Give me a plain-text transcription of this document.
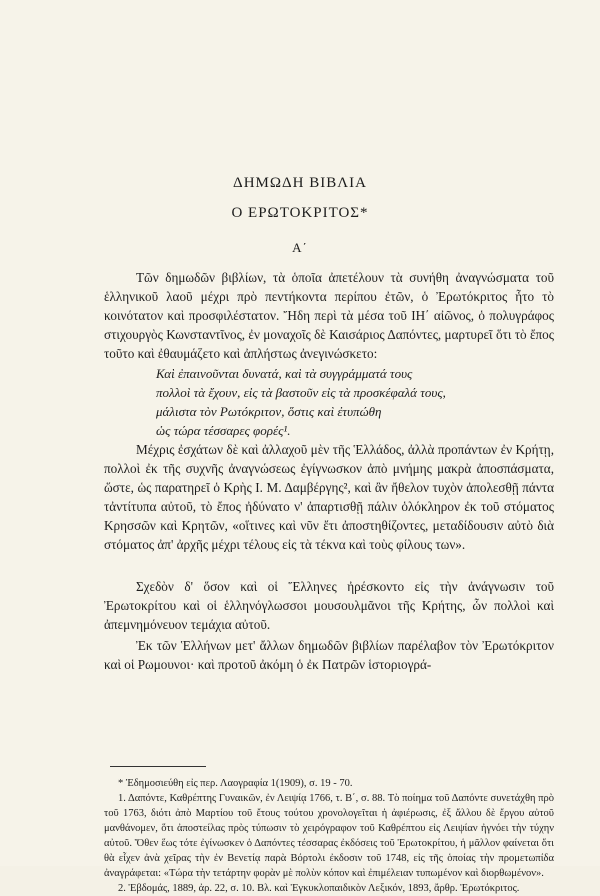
ΔΗΜΩΔΗ ΒΙΒΛΙΑ
Ο ΕΡΩΤΟΚΡΙΤΟΣ*
Α΄

Τῶν δημωδῶν βιβλίων, τὰ ὁποῖα ἀπετέλουν τὰ συνήθη ἀναγνώσματα τοῦ ἑλληνικοῦ λαοῦ μέχρι πρὸ πεντήκοντα περίπου ἐτῶν, ὁ Ἐρωτόκριτος ἦτο τὸ κοινότατον καὶ προσφιλέστατον. Ἤδη περὶ τὰ μέσα τοῦ ΙΗ΄ αἰῶνος, ὁ πολυγράφος στιχουργὸς Κωνσταντῖνος, ἐν μοναχοῖς δὲ Καισάριος Δαπόντες, μαρτυρεῖ ὅτι τὸ ἔπος τοῦτο καὶ ἐθαυμάζετο καὶ ἀπλήστως ἀνεγινώσκετο:

Καὶ ἐπαινοῦνται δυνατά, καὶ τὰ συγγράμματά τους
πολλοὶ τὰ ἔχουν, εἰς τὰ βαστοῦν εἰς τὰ προσκέφαλά τους,
μάλιστα τὸν Ρωτόκριτον, ὅστις καὶ ἐτυπώθη
ὡς τώρα τέσσαρες φορές¹.

Μέχρις ἐσχάτων δὲ καὶ ἀλλαχοῦ μὲν τῆς Ἑλλάδος, ἀλλὰ προπάντων ἐν Κρήτῃ, πολλοὶ ἐκ τῆς συχνῆς ἀναγνώσεως ἐγίγνωσκον ἀπὸ μνήμης μακρὰ ἀποσπάσματα, ὥστε, ὡς παρατηρεῖ ὁ Κρὴς Ι. Μ. Δαμβέργης², καὶ ἂν ἤθελον τυχὸν ἀπολεσθῇ πάντα τἀντίτυπα αὐτοῦ, τὸ ἔπος ἠδύνατο ν' ἀπαρτισθῇ πάλιν ὁλόκληρον ἐκ τοῦ στόματος Κρησσῶν καὶ Κρητῶν, «οἵτινες καὶ νῦν ἔτι ἀποστηθίζοντες, μεταδίδουσιν αὐτὸ διὰ στόματος ἀπ' ἀρχῆς μέχρι τέλους εἰς τὰ τέκνα καὶ τοὺς φίλους των».

Σχεδὸν δ' ὅσον καὶ οἱ Ἕλληνες ἠρέσκοντο εἰς τὴν ἀνάγνωσιν τοῦ Ἐρωτοκρίτου καὶ οἱ ἑλληνόγλωσσοι μουσουλμᾶνοι τῆς Κρήτης, ὧν πολλοὶ καὶ ἀπεμνημόνευον τεμάχια αὐτοῦ.

Ἐκ τῶν Ἑλλήνων μετ' ἄλλων δημωδῶν βιβλίων παρέλαβον τὸν Ἐρωτόκριτον καὶ οἱ Ρωμουνοι· καὶ προτοῦ ἀκόμη ὁ ἐκ Πατρῶν ἱστοριογρά-

* Ἐδημοσιεύθη εἰς περ. Λαογραφία 1(1909), σ. 19 - 70.

1. Δαπόντε, Καθρέπτης Γυναικῶν, ἐν Λειψίᾳ 1766, τ. Β΄, σ. 88. Τὸ ποίημα τοῦ Δαπόντε συνετάχθη πρὸ τοῦ 1763, διότι ἀπὸ Μαρτίου τοῦ ἔτους τούτου χρονολογεῖται ἡ ἀφιέρωσις, ἐξ ἄλλου δὲ ἔργου αὐτοῦ μανθάνομεν, ὅτι ἀποστείλας πρὸς τύπωσιν τὸ χειρόγραφον τοῦ Καθρέπτου εἰς Λειψίαν ἠγνόει τὴν τύχην αὐτοῦ. Ὅθεν ἕως τότε ἐγίνωσκεν ὁ Δαπόντες τέσσαρας ἐκδόσεις τοῦ Ἐρωτοκρίτου, ἡ μᾶλλον φαίνεται ὅτι θὰ εἶχεν ἀνὰ χεῖρας τὴν ἐν Βενετίᾳ παρὰ Βόρτολι ἐκδοσιν τοῦ 1748, εἰς τῆς ὁποίας τὴν προμετωπίδα ἀναγράφεται: «Τώρα τὴν τετάρτην φορὰν μὲ πολὺν κόπον καὶ ἐπιμέλειαν τυπωμένον καὶ διορθωμένον».

2. Ἑβδομάς, 1889, ἀρ. 22, σ. 10. Βλ. καὶ Ἐγκυκλοπαιδικὸν Λεξικόν, 1893, ἄρθρ. Ἐρωτόκριτος.
